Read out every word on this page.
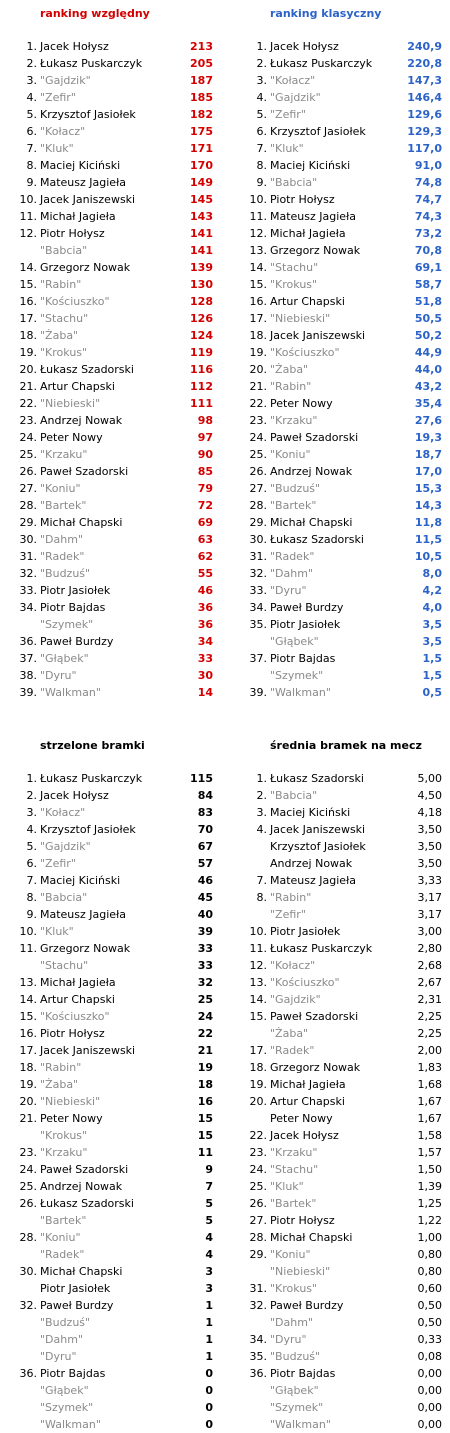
ranking względny
1. Jacek Hołysz	213
2. Łukasz Puskarczyk	205
3. "Gajdzik"	187
4. "Zefir"	185
5. Krzysztof Jasiołek	182
6. "Kołacz"	175
7. "Kluk"	171
8. Maciej Kiciński	170
9. Mateusz Jagieła	149
10. Jacek Janiszewski	145
11. Michał Jagieła	143
12. Piotr Hołysz	141
"Babcia"	141
14. Grzegorz Nowak	139
15. "Rabin"	130
16. "Kościuszko"	128
17. "Stachu"	126
18. "Żaba"	124
19. "Krokus"	119
20. Łukasz Szadorski	116
21. Artur Chapski	112
22. "Niebieski"	111
23. Andrzej Nowak	98
24. Peter Nowy	97
25. "Krzaku"	90
26. Paweł Szadorski	85
27. "Koniu"	79
28. "Bartek"	72
29. Michał Chapski	69
30. "Dahm"	63
31. "Radek"	62
32. "Budzuś"	55
33. Piotr Jasiołek	46
34. Piotr Bajdas	36
"Szymek"	36
36. Paweł Burdzy	34
37. "Głąbek"	33
38. "Dyru"	30
39. "Walkman"	14
ranking klasyczny
1. Jacek Hołysz	240,9
2. Łukasz Puskarczyk	220,8
3. "Kołacz"	147,3
4. "Gajdzik"	146,4
5. "Zefir"	129,6
6. Krzysztof Jasiołek	129,3
7. "Kluk"	117,0
8. Maciej Kiciński	91,0
9. "Babcia"	74,8
10. Piotr Hołysz	74,7
11. Mateusz Jagieła	74,3
12. Michał Jagieła	73,2
13. Grzegorz Nowak	70,8
14. "Stachu"	69,1
15. "Krokus"	58,7
16. Artur Chapski	51,8
17. "Niebieski"	50,5
18. Jacek Janiszewski	50,2
19. "Kościuszko"	44,9
20. "Żaba"	44,0
21. "Rabin"	43,2
22. Peter Nowy	35,4
23. "Krzaku"	27,6
24. Paweł Szadorski	19,3
25. "Koniu"	18,7
26. Andrzej Nowak	17,0
27. "Budzuś"	15,3
28. "Bartek"	14,3
29. Michał Chapski	11,8
30. Łukasz Szadorski	11,5
31. "Radek"	10,5
32. "Dahm"	8,0
33. "Dyru"	4,2
34. Paweł Burdzy	4,0
35. Piotr Jasiołek	3,5
"Głąbek"	3,5
37. Piotr Bajdas	1,5
"Szymek"	1,5
39. "Walkman"	0,5
strzelone bramki
1. Łukasz Puskarczyk	115
2. Jacek Hołysz	84
3. "Kołacz"	83
4. Krzysztof Jasiołek	70
5. "Gajdzik"	67
6. "Zefir"	57
7. Maciej Kiciński	46
8. "Babcia"	45
9. Mateusz Jagieła	40
10. "Kluk"	39
11. Grzegorz Nowak	33
"Stachu"	33
13. Michał Jagieła	32
14. Artur Chapski	25
15. "Kościuszko"	24
16. Piotr Hołysz	22
17. Jacek Janiszewski	21
18. "Rabin"	19
19. "Żaba"	18
20. "Niebieski"	16
21. Peter Nowy	15
"Krokus"	15
23. "Krzaku"	11
24. Paweł Szadorski	9
25. Andrzej Nowak	7
26. Łukasz Szadorski	5
"Bartek"	5
28. "Koniu"	4
"Radek"	4
30. Michał Chapski	3
Piotr Jasiołek	3
32. Paweł Burdzy	1
"Budzuś"	1
"Dahm"	1
"Dyru"	1
36. Piotr Bajdas	0
"Głąbek"	0
"Szymek"	0
"Walkman"	0
średnia bramek na mecz
1. Łukasz Szadorski	5,00
2. "Babcia"	4,50
3. Maciej Kiciński	4,18
4. Jacek Janiszewski	3,50
Krzysztof Jasiołek	3,50
Andrzej Nowak	3,50
7. Mateusz Jagieła	3,33
8. "Rabin"	3,17
"Zefir"	3,17
10. Piotr Jasiołek	3,00
11. Łukasz Puskarczyk	2,80
12. "Kołacz"	2,68
13. "Kościuszko"	2,67
14. "Gajdzik"	2,31
15. Paweł Szadorski	2,25
"Żaba"	2,25
17. "Radek"	2,00
18. Grzegorz Nowak	1,83
19. Michał Jagieła	1,68
20. Artur Chapski	1,67
Peter Nowy	1,67
22. Jacek Hołysz	1,58
23. "Krzaku"	1,57
24. "Stachu"	1,50
25. "Kluk"	1,39
26. "Bartek"	1,25
27. Piotr Hołysz	1,22
28. Michał Chapski	1,00
29. "Koniu"	0,80
"Niebieski"	0,80
31. "Krokus"	0,60
32. Paweł Burdzy	0,50
"Dahm"	0,50
34. "Dyru"	0,33
35. "Budzuś"	0,08
36. Piotr Bajdas	0,00
"Głąbek"	0,00
"Szymek"	0,00
"Walkman"	0,00
